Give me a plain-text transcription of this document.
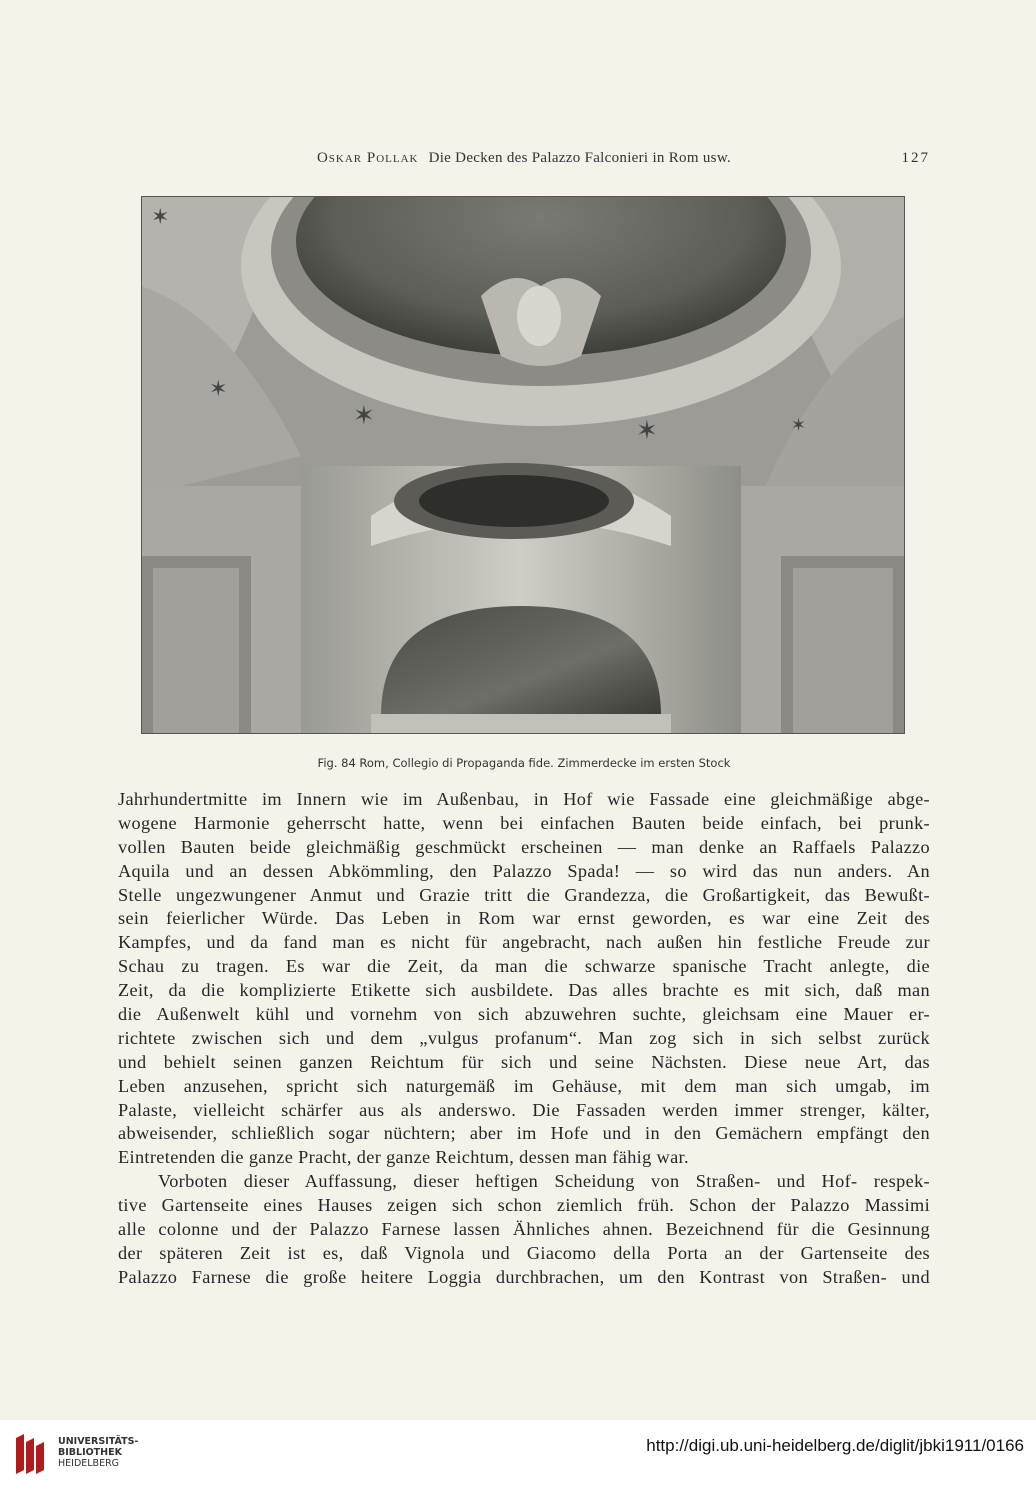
Oskar Pollak Die Decken des Palazzo Falconieri in Rom usw.	127
✶
✶	✶	✶
✶
Fig. 84 Rom, Collegio di Propaganda fide. Zimmerdecke im ersten Stock
Jahrhundertmitte im Innern wie im Außenbau, in Hof wie Fassade eine gleichmäßige abge-
wogene Harmonie geherrscht hatte, wenn bei einfachen Bauten beide einfach, bei prunk-
vollen Bauten beide gleichmäßig geschmückt erscheinen — man denke an Raffaels Palazzo
Aquila und an dessen Abkömmling, den Palazzo Spada! — so wird das nun anders. An
Stelle ungezwungener Anmut und Grazie tritt die Grandezza, die Großartigkeit, das Bewußt-
sein feierlicher Würde. Das Leben in Rom war ernst geworden, es war eine Zeit des
Kampfes, und da fand man es nicht für angebracht, nach außen hin festliche Freude zur
Schau zu tragen. Es war die Zeit, da man die schwarze spanische Tracht anlegte, die
Zeit, da die komplizierte Etikette sich ausbildete. Das alles brachte es mit sich, daß man
die Außenwelt kühl und vornehm von sich abzuwehren suchte, gleichsam eine Mauer er-
richtete zwischen sich und dem „vulgus profanum“. Man zog sich in sich selbst zurück
und behielt seinen ganzen Reichtum für sich und seine Nächsten. Diese neue Art, das
Leben anzusehen, spricht sich naturgemäß im Gehäuse, mit dem man sich umgab, im
Palaste, vielleicht schärfer aus als anderswo. Die Fassaden werden immer strenger, kälter,
abweisender, schließlich sogar nüchtern; aber im Hofe und in den Gemächern empfängt den
Eintretenden die ganze Pracht, der ganze Reichtum, dessen man fähig war.
Vorboten dieser Auffassung, dieser heftigen Scheidung von Straßen- und Hof- respek-
tive Gartenseite eines Hauses zeigen sich schon ziemlich früh. Schon der Palazzo Massimi
alle colonne und der Palazzo Farnese lassen Ähnliches ahnen. Bezeichnend für die Gesinnung
der späteren Zeit ist es, daß Vignola und Giacomo della Porta an der Gartenseite des
Palazzo Farnese die große heitere Loggia durchbrachen, um den Kontrast von Straßen- und
UNIVERSITÄTS-
BIBLIOTHEK
HEIDELBERG
http://digi.ub.uni-heidelberg.de/diglit/jbki1911/0166
